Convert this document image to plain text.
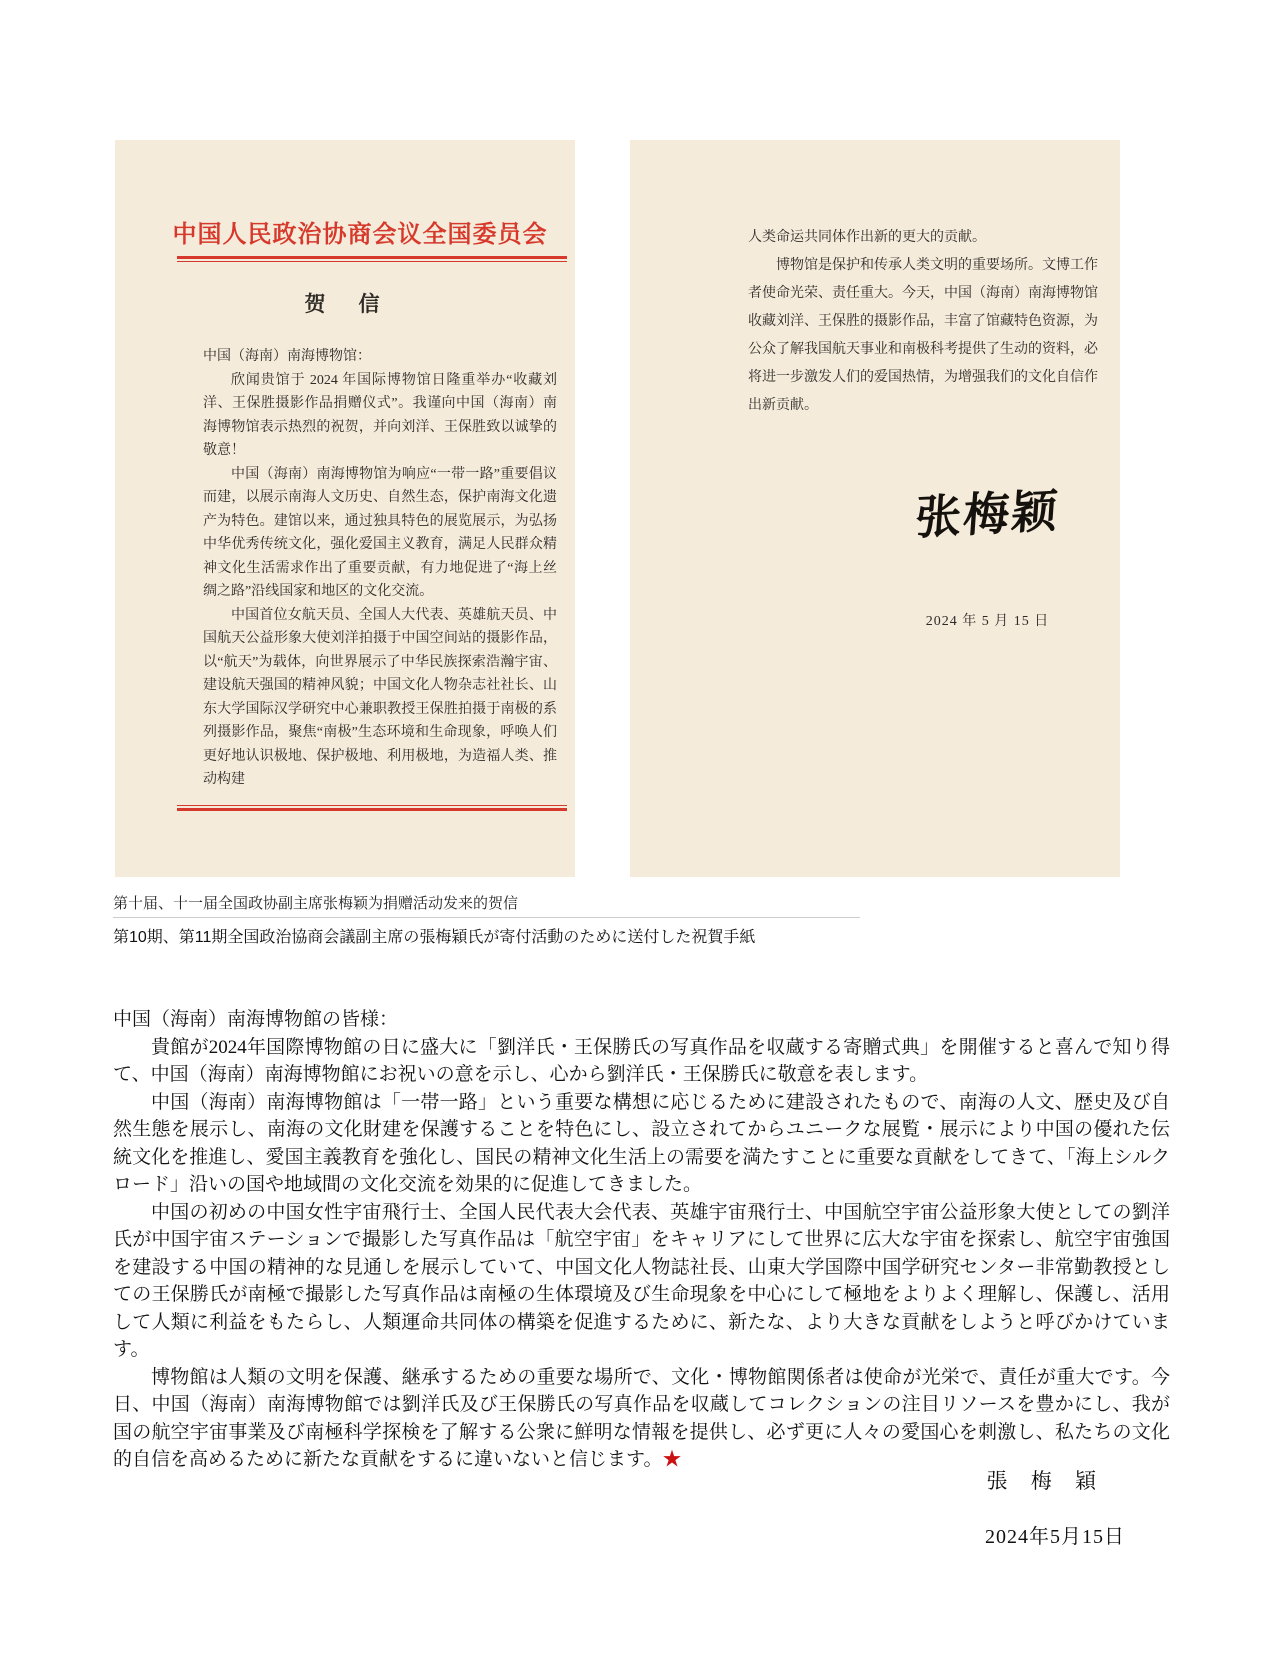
中国人民政治协商会议全国委员会
贺　信

中国（海南）南海博物馆：

欣闻贵馆于 2024 年国际博物馆日隆重举办“收藏刘洋、王保胜摄影作品捐赠仪式”。我谨向中国（海南）南海博物馆表示热烈的祝贺，并向刘洋、王保胜致以诚挚的敬意！

中国（海南）南海博物馆为响应“一带一路”重要倡议而建，以展示南海人文历史、自然生态，保护南海文化遗产为特色。建馆以来，通过独具特色的展览展示，为弘扬中华优秀传统文化，强化爱国主义教育，满足人民群众精神文化生活需求作出了重要贡献，有力地促进了“海上丝绸之路”沿线国家和地区的文化交流。

中国首位女航天员、全国人大代表、英雄航天员、中国航天公益形象大使刘洋拍摄于中国空间站的摄影作品，以“航天”为载体，向世界展示了中华民族探索浩瀚宇宙、建设航天强国的精神风貌；中国文化人物杂志社社长、山东大学国际汉学研究中心兼职教授王保胜拍摄于南极的系列摄影作品，聚焦“南极”生态环境和生命现象，呼唤人们更好地认识极地、保护极地、利用极地，为造福人类、推动构建

人类命运共同体作出新的更大的贡献。

博物馆是保护和传承人类文明的重要场所。文博工作者使命光荣、责任重大。今天，中国（海南）南海博物馆收藏刘洋、王保胜的摄影作品，丰富了馆藏特色资源，为公众了解我国航天事业和南极科考提供了生动的资料，必将进一步激发人们的爱国热情，为增强我们的文化自信作出新贡献。

张梅颖
2024 年 5 月 15 日
第十届、十一届全国政协副主席张梅颖为捐赠活动发来的贺信
第10期、第11期全国政治協商会議副主席の張梅穎氏が寄付活動のために送付した祝賀手紙

中国（海南）南海博物館の皆様：

貴館が2024年国際博物館の日に盛大に「劉洋氏・王保勝氏の写真作品を収蔵する寄贈式典」を開催すると喜んで知り得て、中国（海南）南海博物館にお祝いの意を示し、心から劉洋氏・王保勝氏に敬意を表します。

中国（海南）南海博物館は「一帯一路」という重要な構想に応じるために建設されたもので、南海の人文、歴史及び自然生態を展示し、南海の文化財建を保護することを特色にし、設立されてからユニークな展覧・展示により中国の優れた伝統文化を推進し、愛国主義教育を強化し、国民の精神文化生活上の需要を満たすことに重要な貢献をしてきて、「海上シルクロード」沿いの国や地域間の文化交流を効果的に促進してきました。

中国の初めの中国女性宇宙飛行士、全国人民代表大会代表、英雄宇宙飛行士、中国航空宇宙公益形象大使としての劉洋氏が中国宇宙ステーションで撮影した写真作品は「航空宇宙」をキャリアにして世界に広大な宇宙を探索し、航空宇宙強国を建設する中国の精神的な見通しを展示していて、中国文化人物誌社長、山東大学国際中国学研究センター非常勤教授としての王保勝氏が南極で撮影した写真作品は南極の生体環境及び生命現象を中心にして極地をよりよく理解し、保護し、活用して人類に利益をもたらし、人類運命共同体の構築を促進するために、新たな、より大きな貢献をしようと呼びかけています。

博物館は人類の文明を保護、継承するための重要な場所で、文化・博物館関係者は使命が光栄で、責任が重大です。今日、中国（海南）南海博物館では劉洋氏及び王保勝氏の写真作品を収蔵してコレクションの注目リソースを豊かにし、我が国の航空宇宙事業及び南極科学探検を了解する公衆に鮮明な情報を提供し、必ず更に人々の愛国心を刺激し、私たちの文化的自信を高めるために新たな貢献をするに違いないと信じます。★

張 梅 穎
2024年5月15日
